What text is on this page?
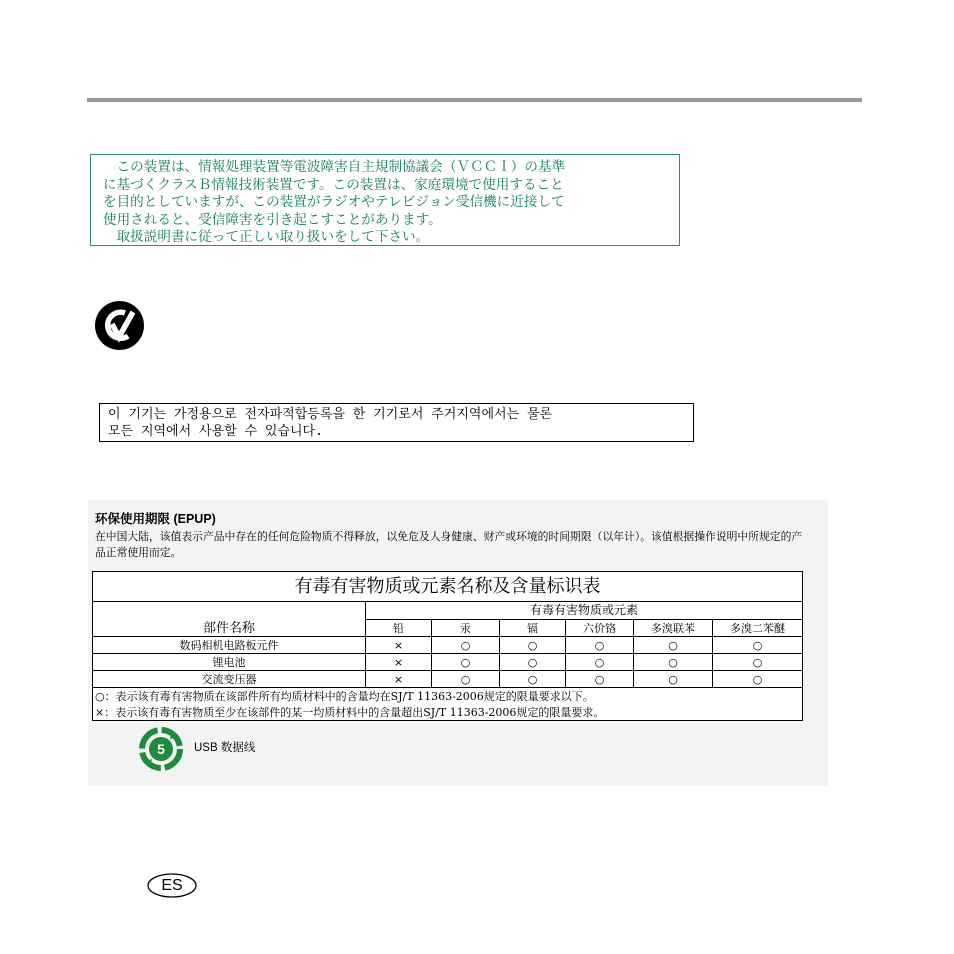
　この装置は、情報処理装置等電波障害自主規制協議会（ＶＣＣＩ）の基準
に基づくクラスＢ情報技術装置です。この装置は、家庭環境で使用すること
を目的としていますが、この装置がラジオやテレビジョン受信機に近接して
使用されると、受信障害を引き起こすことがあります。
　取扱説明書に従って正しい取り扱いをして下さい。
이 기기는 가정용으로 전자파적합등록을 한 기기로서 주거지역에서는 물론
모든 지역에서 사용할 수 있습니다.
环保使用期限 (EPUP)
在中国大陆，该值表示产品中存在的任何危险物质不得释放，以免危及人身健康、财产或环境的时间期限（以年计）。该值根据操作说明中所规定的产品正常使用而定。
有毒有害物质或元素名称及含量标识表						
部件名称	有毒有害物质或元素					
	铅	汞	镉	六价铬	多溴联苯	多溴二苯醚
数码相机电路板元件	×	○	○	○	○	○
锂电池	×	○	○	○	○	○
交流变压器	×	○	○	○	○	○
○：表示该有毒有害物质在该部件所有均质材料中的含量均在SJ/T 11363-2006规定的限量要求以下。						
×：表示该有毒有害物质至少在该部件的某一均质材料中的含量超出SJ/T 11363-2006规定的限量要求。						
5	USB 数据线
ES
